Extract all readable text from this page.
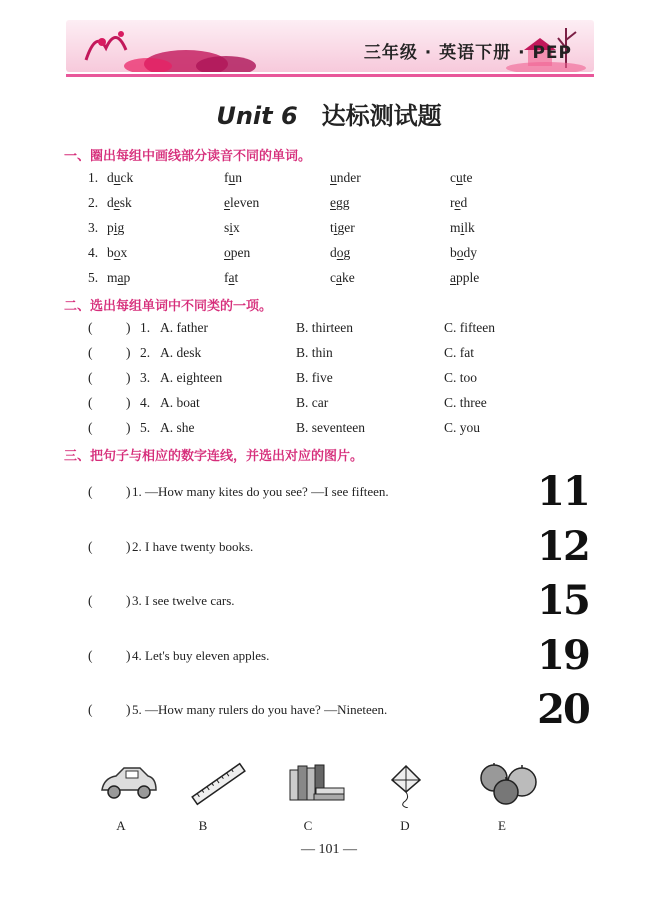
三年级 · 英语下册 · PEP
Unit 6 达标测试题
一、圈出每组中画线部分读音不同的单词。
1. duck	fun	under	cute
2. desk	eleven	egg	red
3. pig	six	tiger	milk
4. box	open	dog	body
5. map	fat	cake	apple
二、选出每组单词中不同类的一项。
( ) 1. A. father	B. thirteen	C. fifteen
( ) 2. A. desk	B. thin	C. fat
( ) 3. A. eighteen	B. five	C. too
( ) 4. A. boat	B. car	C. three
( ) 5. A. she	B. seventeen	C. you
三、把句子与相应的数字连线，并选出对应的图片。
( ) 1. —How many kites do you see? —I see fifteen.
( ) 2. I have twenty books.
( ) 3. I see twelve cars.
( ) 4. Let's buy eleven apples.
( ) 5. —How many rulers do you have? —Nineteen.
11
12
15
19
20
A	B	C	D	E
— 101 —
